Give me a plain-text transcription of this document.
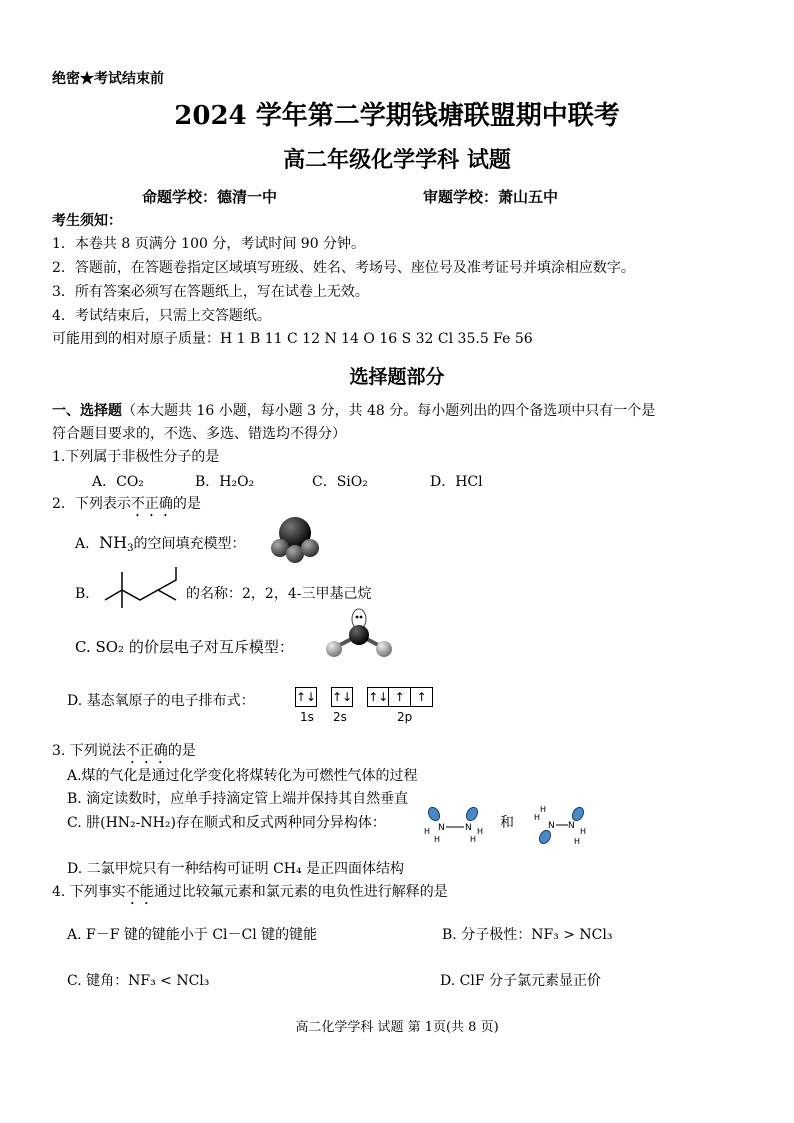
绝密★考试结束前
2024 学年第二学期钱塘联盟期中联考
高二年级化学学科 试题
命题学校：德清一中	审题学校：萧山五中
考生须知：
1．本卷共 8 页满分 100 分，考试时间 90 分钟。
2．答题前，在答题卷指定区域填写班级、姓名、考场号、座位号及准考证号并填涂相应数字。
3．所有答案必须写在答题纸上，写在试卷上无效。
4．考试结束后，只需上交答题纸。
可能用到的相对原子质量：H 1 B 11 C 12 N 14 O 16 S 32 Cl 35.5 Fe 56
选择题部分
一、选择题（本大题共 16 小题，每小题 3 分，共 48 分。每小题列出的四个备选项中只有一个是
符合题目要求的，不选、多选、错选均不得分）
1.下列属于非极性分子的是
A．CO₂	B．H₂O₂	C．SiO₂	D．HCl
2．下列表示不正确的是
A．$NH_3$的空间填充模型：
B．	的名称：2，2，4-三甲基己烷
C. SO₂ 的价层电子对互斥模型：
D. 基态氧原子的电子排布式：	↑↓ ↑↓ ↑↓ ↑ ↑
1s 2s	2p
3. 下列说法不正确的是
A.煤的气化是通过化学变化将煤转化为可燃性气体的过程
B. 滴定读数时，应单手持滴定管上端并保持其自然垂直
C. 肼(HN₂-NH₂)存在顺式和反式两种同分异构体：	N N
H
H
H
H
和
H
H
N N
H
H
D. 二氯甲烷只有一种结构可证明 CH₄ 是正四面体结构
4. 下列事实不能通过比较氟元素和氯元素的电负性进行解释的是
A. F－F 键的键能小于 Cl－Cl 键的键能	B. 分子极性：NF₃ > NCl₃
C. 键角：NF₃ < NCl₃	D. ClF 分子氯元素显正价
高二化学学科 试题 第 1页(共 8 页)
